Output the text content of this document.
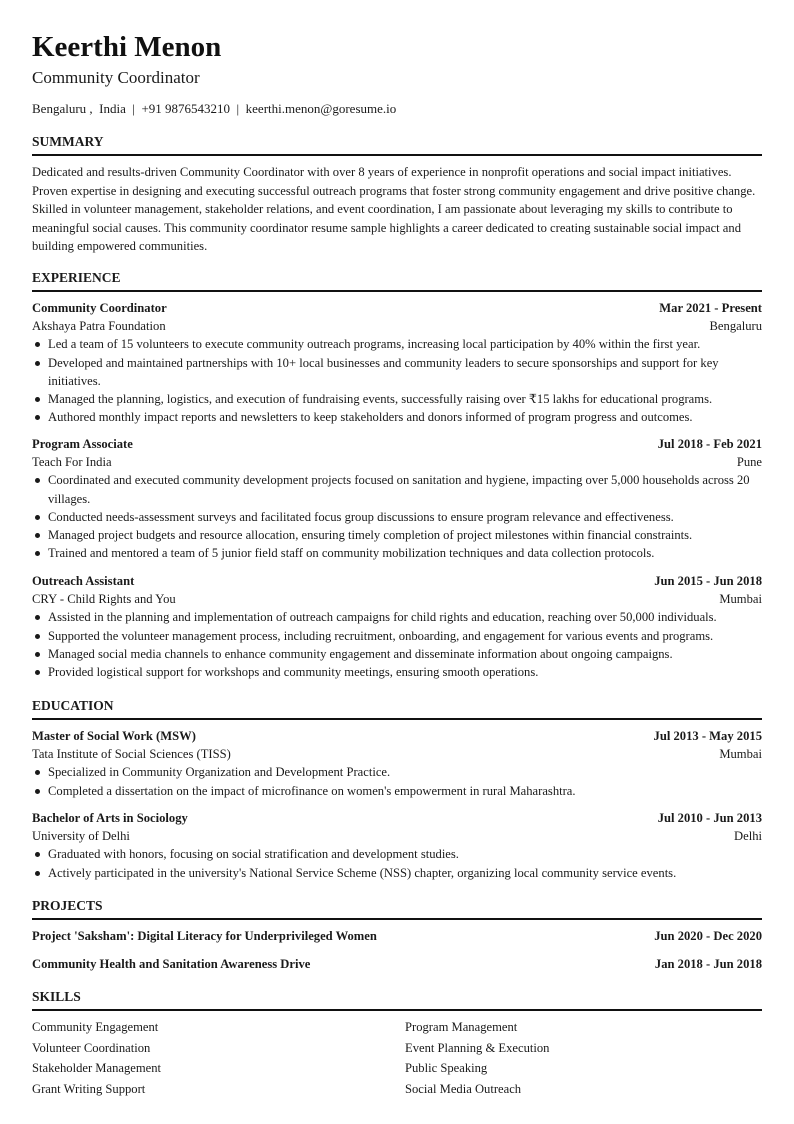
Keerthi Menon
Community Coordinator
Bengaluru ,  India  |  +91 9876543210  |  keerthi.menon@goresume.io
SUMMARY
Dedicated and results-driven Community Coordinator with over 8 years of experience in nonprofit operations and social impact initiatives. Proven expertise in designing and executing successful outreach programs that foster strong community engagement and drive positive change. Skilled in volunteer management, stakeholder relations, and event coordination, I am passionate about leveraging my skills to contribute to meaningful social causes. This community coordinator resume sample highlights a career dedicated to creating sustainable social impact and building empowered communities.
EXPERIENCE
Community Coordinator	Mar 2021 - Present
Akshaya Patra Foundation	Bengaluru
Led a team of 15 volunteers to execute community outreach programs, increasing local participation by 40% within the first year.
Developed and maintained partnerships with 10+ local businesses and community leaders to secure sponsorships and support for key initiatives.
Managed the planning, logistics, and execution of fundraising events, successfully raising over ₹15 lakhs for educational programs.
Authored monthly impact reports and newsletters to keep stakeholders and donors informed of program progress and outcomes.
Program Associate	Jul 2018 - Feb 2021
Teach For India	Pune
Coordinated and executed community development projects focused on sanitation and hygiene, impacting over 5,000 households across 20 villages.
Conducted needs-assessment surveys and facilitated focus group discussions to ensure program relevance and effectiveness.
Managed project budgets and resource allocation, ensuring timely completion of project milestones within financial constraints.
Trained and mentored a team of 5 junior field staff on community mobilization techniques and data collection protocols.
Outreach Assistant	Jun 2015 - Jun 2018
CRY - Child Rights and You	Mumbai
Assisted in the planning and implementation of outreach campaigns for child rights and education, reaching over 50,000 individuals.
Supported the volunteer management process, including recruitment, onboarding, and engagement for various events and programs.
Managed social media channels to enhance community engagement and disseminate information about ongoing campaigns.
Provided logistical support for workshops and community meetings, ensuring smooth operations.
EDUCATION
Master of Social Work (MSW)	Jul 2013 - May 2015
Tata Institute of Social Sciences (TISS)	Mumbai
Specialized in Community Organization and Development Practice.
Completed a dissertation on the impact of microfinance on women's empowerment in rural Maharashtra.
Bachelor of Arts in Sociology	Jul 2010 - Jun 2013
University of Delhi	Delhi
Graduated with honors, focusing on social stratification and development studies.
Actively participated in the university's National Service Scheme (NSS) chapter, organizing local community service events.
PROJECTS
Project 'Saksham': Digital Literacy for Underprivileged Women	Jun 2020 - Dec 2020
Community Health and Sanitation Awareness Drive	Jan 2018 - Jun 2018
SKILLS
Community Engagement	Program Management
Volunteer Coordination	Event Planning & Execution
Stakeholder Management	Public Speaking
Grant Writing Support	Social Media Outreach
